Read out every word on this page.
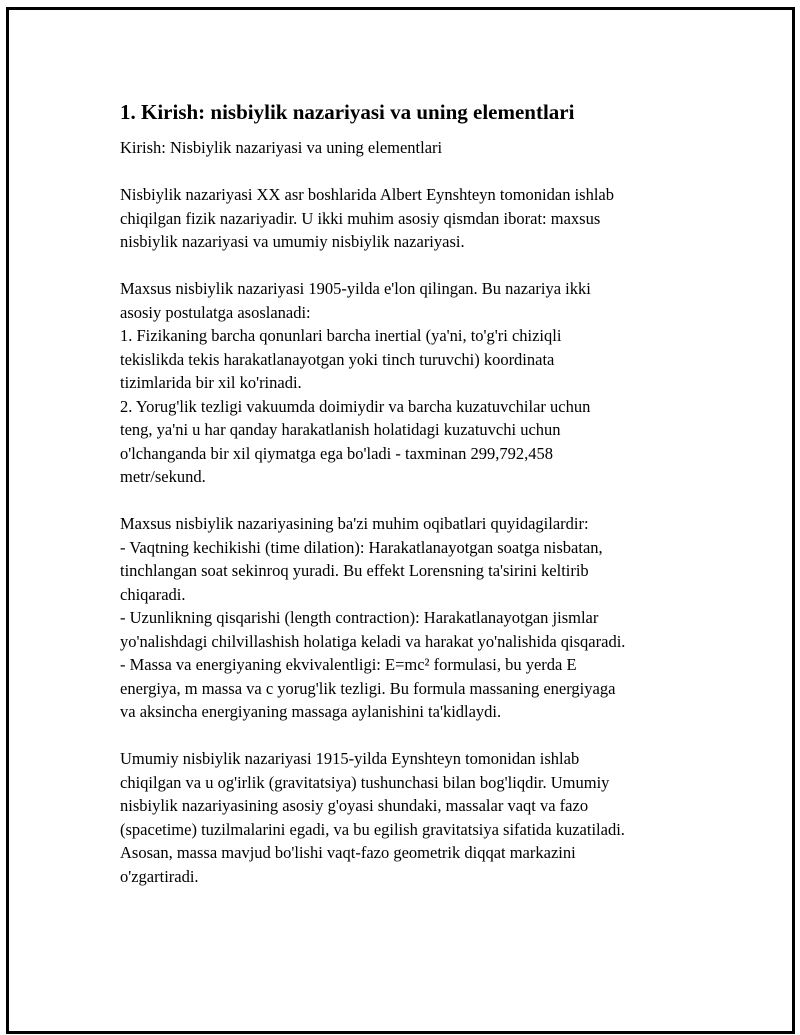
1. Kirish: nisbiylik nazariyasi va uning elementlari
Kirish: Nisbiylik nazariyasi va uning elementlari
Nisbiylik nazariyasi XX asr boshlarida Albert Eynshteyn tomonidan ishlab
chiqilgan fizik nazariyadir. U ikki muhim asosiy qismdan iborat: maxsus
nisbiylik nazariyasi va umumiy nisbiylik nazariyasi.
Maxsus nisbiylik nazariyasi 1905-yilda e'lon qilingan. Bu nazariya ikki
asosiy postulatga asoslanadi:
1. Fizikaning barcha qonunlari barcha inertial (ya'ni, to'g'ri chiziqli
tekislikda tekis harakatlanayotgan yoki tinch turuvchi) koordinata
tizimlarida bir xil ko'rinadi.
2. Yorug'lik tezligi vakuumda doimiydir va barcha kuzatuvchilar uchun
teng, ya'ni u har qanday harakatlanish holatidagi kuzatuvchi uchun
o'lchanganda bir xil qiymatga ega bo'ladi - taxminan 299,792,458
metr/sekund.
Maxsus nisbiylik nazariyasining ba'zi muhim oqibatlari quyidagilardir:
- Vaqtning kechikishi (time dilation): Harakatlanayotgan soatga nisbatan,
tinchlangan soat sekinroq yuradi. Bu effekt Lorensning ta'sirini keltirib
chiqaradi.
- Uzunlikning qisqarishi (length contraction): Harakatlanayotgan jismlar
yo'nalishdagi chilvillashish holatiga keladi va harakat yo'nalishida qisqaradi.
- Massa va energiyaning ekvivalentligi: E=mc² formulasi, bu yerda E
energiya, m massa va c yorug'lik tezligi. Bu formula massaning energiyaga
va aksincha energiyaning massaga aylanishini ta'kidlaydi.
Umumiy nisbiylik nazariyasi 1915-yilda Eynshteyn tomonidan ishlab
chiqilgan va u og'irlik (gravitatsiya) tushunchasi bilan bog'liqdir. Umumiy
nisbiylik nazariyasining asosiy g'oyasi shundaki, massalar vaqt va fazo
(spacetime) tuzilmalarini egadi, va bu egilish gravitatsiya sifatida kuzatiladi.
Asosan, massa mavjud bo'lishi vaqt-fazo geometrik diqqat markazini
o'zgartiradi.
